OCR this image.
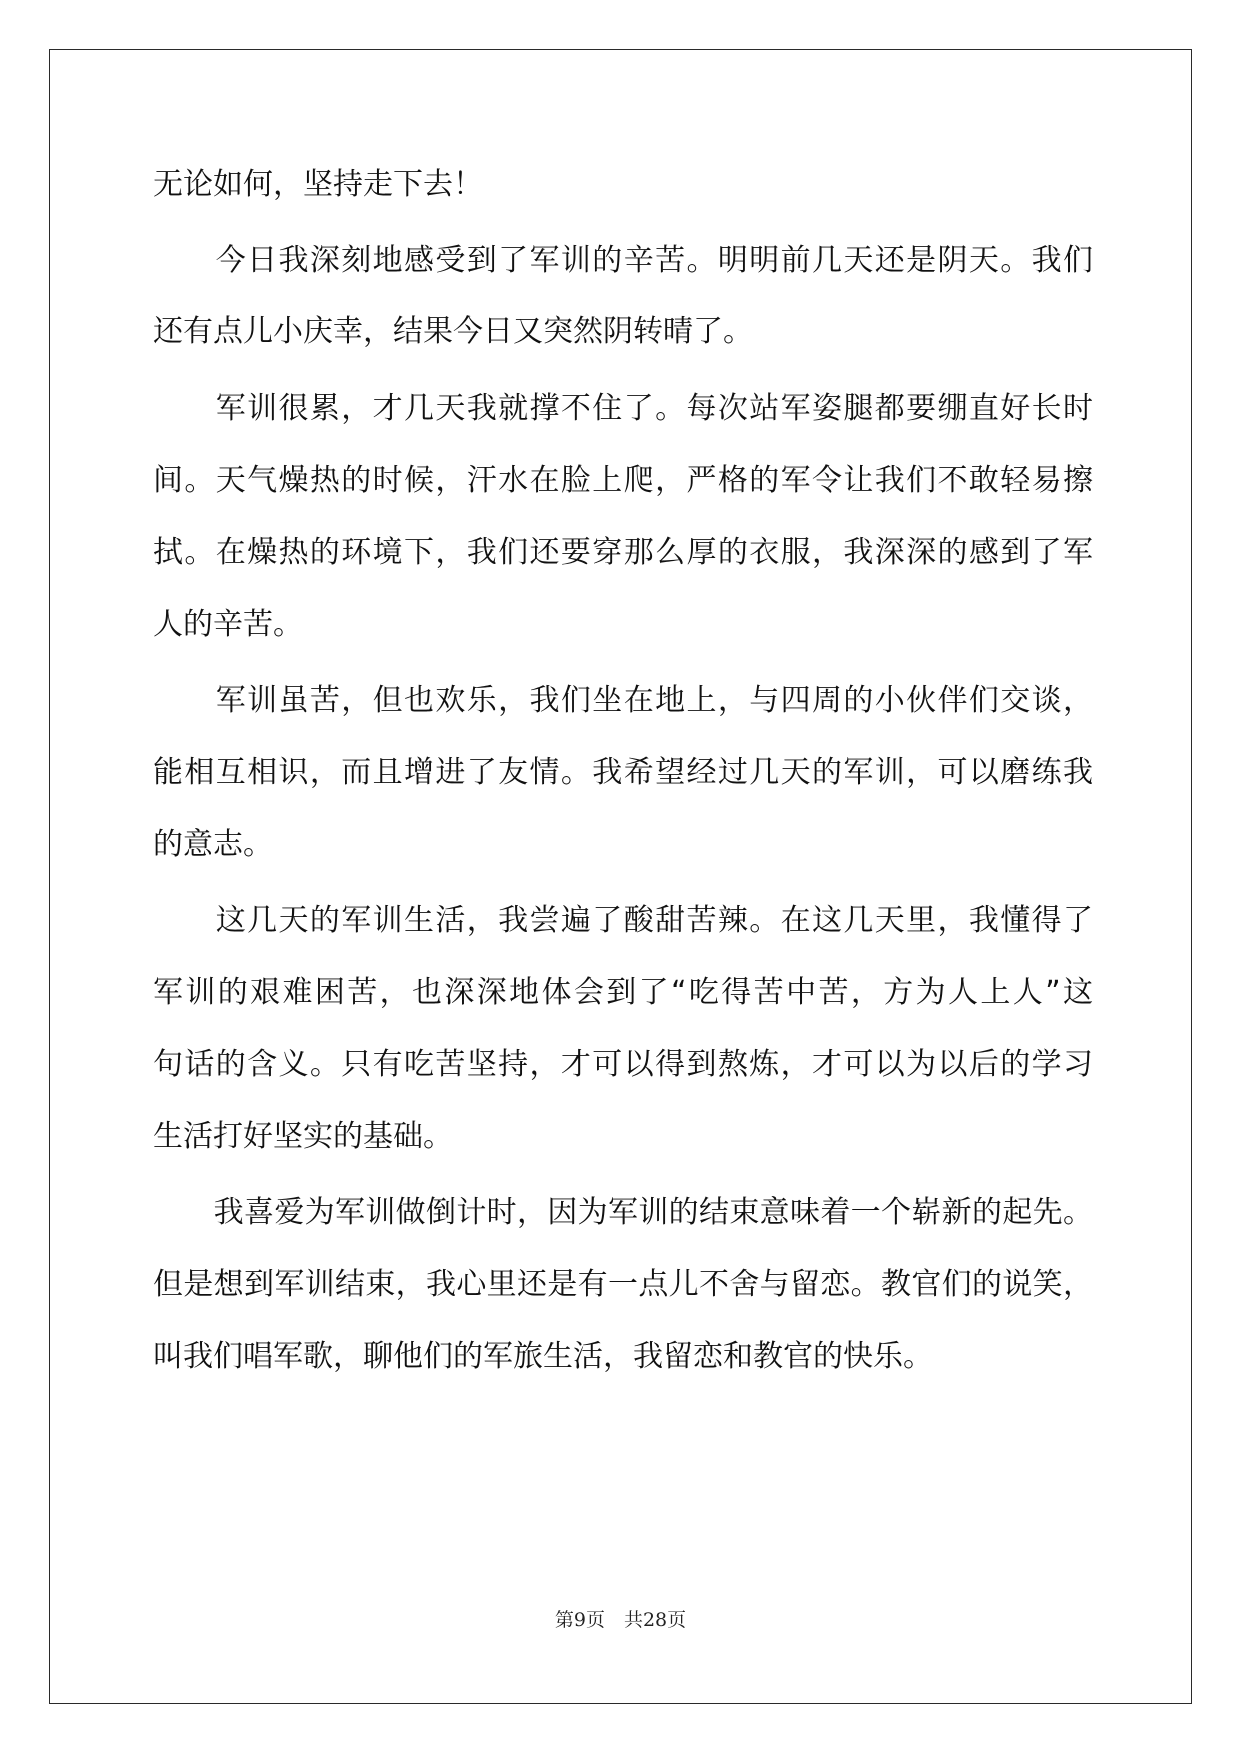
无论如何，坚持走下去！
　　今日我深刻地感受到了军训的辛苦。明明前几天还是阴天。我们
还有点儿小庆幸，结果今日又突然阴转晴了。
　　军训很累，才几天我就撑不住了。每次站军姿腿都要绷直好长时
间。天气燥热的时候，汗水在脸上爬，严格的军令让我们不敢轻易擦
拭。在燥热的环境下，我们还要穿那么厚的衣服，我深深的感到了军
人的辛苦。
　　军训虽苦，但也欢乐，我们坐在地上，与四周的小伙伴们交谈，
能相互相识，而且增进了友情。我希望经过几天的军训，可以磨练我
的意志。
　　这几天的军训生活，我尝遍了酸甜苦辣。在这几天里，我懂得了
军训的艰难困苦，也深深地体会到了“吃得苦中苦，方为人上人”这
句话的含义。只有吃苦坚持，才可以得到熬炼，才可以为以后的学习
生活打好坚实的基础。
　　我喜爱为军训做倒计时，因为军训的结束意味着一个崭新的起先。
但是想到军训结束，我心里还是有一点儿不舍与留恋。教官们的说笑，
叫我们唱军歌，聊他们的军旅生活，我留恋和教官的快乐。
第9页　共28页
